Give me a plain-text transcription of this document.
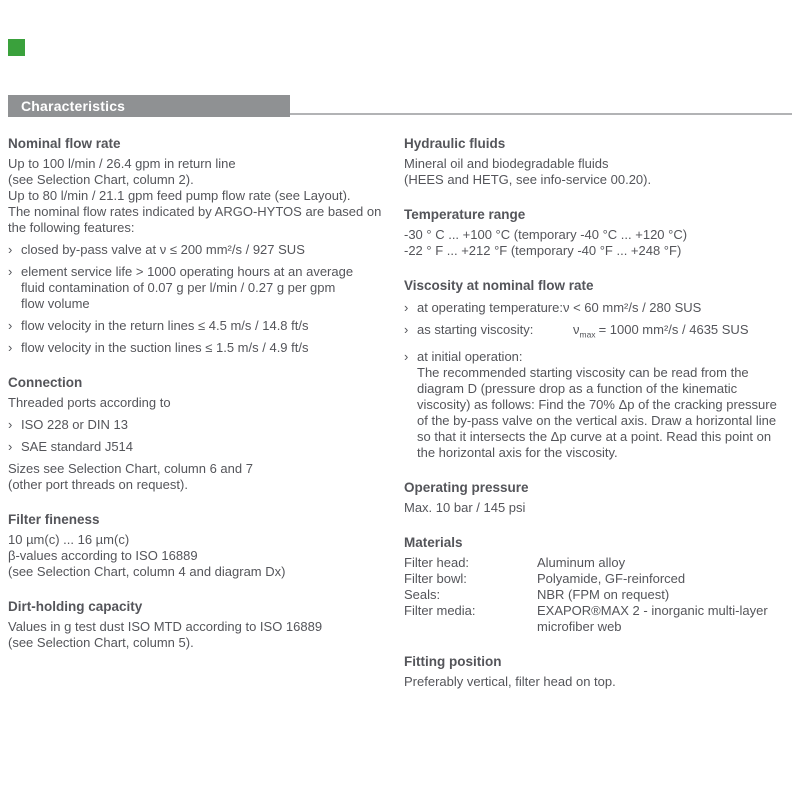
Characteristics
Nominal flow rate
Up to 100 l/min / 26.4 gpm in return line
(see Selection Chart, column 2).
Up to 80 l/min / 21.1 gpm feed pump flow rate (see Layout).
The nominal flow rates indicated by ARGO-HYTOS are based on
the following features:
› closed by-pass valve at ν ≤ 200 mm²/s / 927 SUS
› element service life > 1000 operating hours at an average
fluid contamination of 0.07 g per l/min / 0.27 g per gpm
flow volume
› flow velocity in the return lines ≤ 4.5 m/s / 14.8 ft/s
› flow velocity in the suction lines ≤ 1.5 m/s / 4.9 ft/s
Connection
Threaded ports according to
› ISO 228 or DIN 13
› SAE standard J514
Sizes see Selection Chart, column 6 and 7
(other port threads on request).
Filter fineness
10 µm(c) ... 16 µm(c)
β-values according to ISO 16889
(see Selection Chart, column 4 and diagram Dx)
Dirt-holding capacity
Values in g test dust ISO MTD according to ISO 16889
(see Selection Chart, column 5).
Hydraulic fluids
Mineral oil and biodegradable fluids
(HEES and HETG, see info-service 00.20).
Temperature range
-30 ° C ... +100 °C (temporary -40 °C ... +120 °C)
-22 ° F ... +212 °F (temporary -40 °F ... +248 °F)
Viscosity at nominal flow rate
› at operating temperature:ν < 60 mm²/s / 280 SUS
› as starting viscosity:	$\nu_{max} = 1000$ mm²/s / 4635 SUS
› at initial operation:
The recommended starting viscosity can be read from the
diagram D (pressure drop as a function of the kinematic
viscosity) as follows: Find the 70% Δp of the cracking pressure
of the by-pass valve on the vertical axis. Draw a horizontal line
so that it intersects the Δp curve at a point. Read this point on
the horizontal axis for the viscosity.
Operating pressure
Max. 10 bar / 145 psi
Materials
Filter head:	Aluminum alloy
Filter bowl:	Polyamide, GF-reinforced
Seals:	NBR (FPM on request)
Filter media:	EXAPOR®MAX 2 - inorganic multi-layer
microfiber web
Fitting position
Preferably vertical, filter head on top.
